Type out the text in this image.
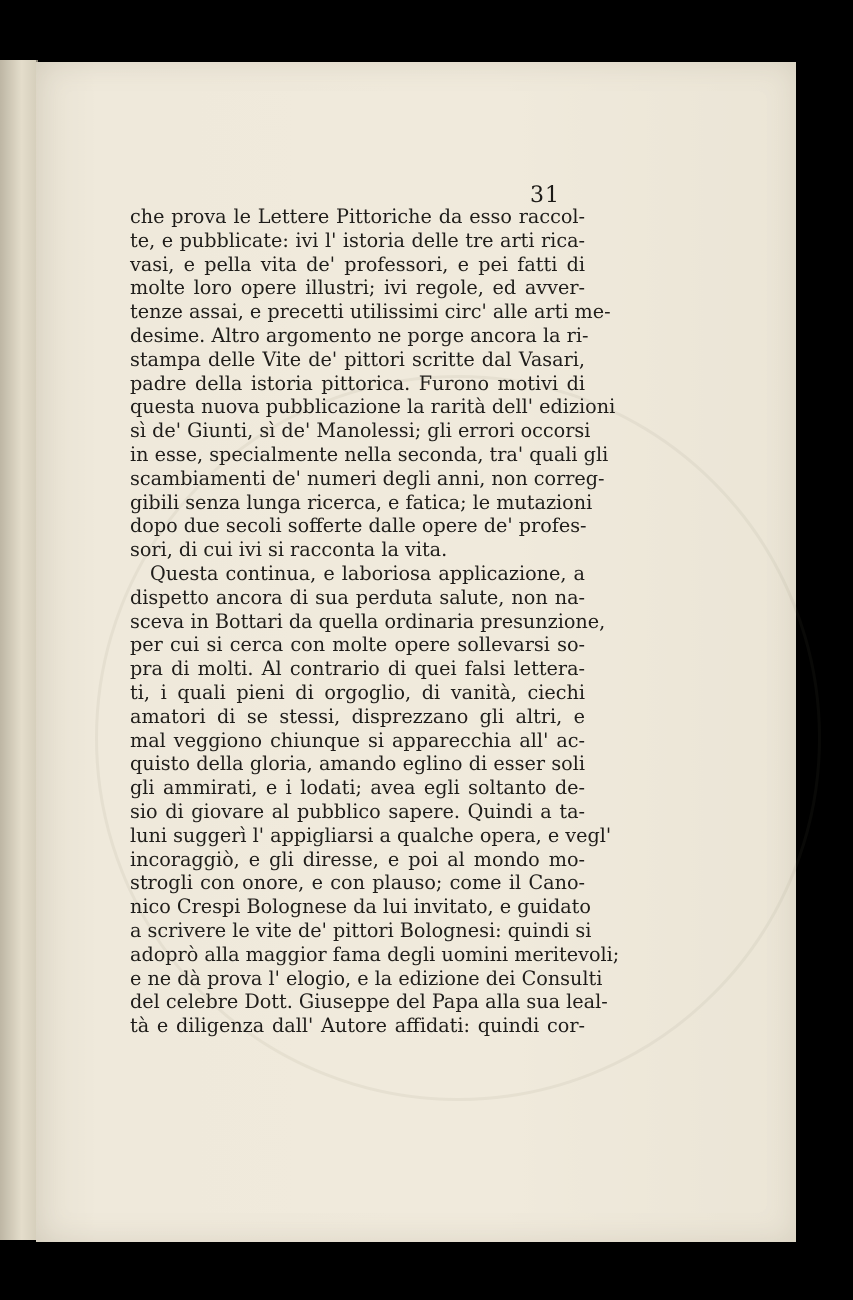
31
che prova le Lettere Pittoriche da esso raccol-
te, e pubblicate: ivi l' istoria delle tre arti rica-
vasi, e pella vita de' professori, e pei fatti di
molte loro opere illustri; ivi regole, ed avver-
tenze assai, e precetti utilissimi circ' alle arti me-
desime. Altro argomento ne porge ancora la ri-
stampa delle Vite de' pittori scritte dal Vasari,
padre della istoria pittorica. Furono motivi di
questa nuova pubblicazione la rarità dell' edizioni
sì de' Giunti, sì de' Manolessi; gli errori occorsi
in esse, specialmente nella seconda, tra' quali gli
scambiamenti de' numeri degli anni, non correg-
gibili senza lunga ricerca, e fatica; le mutazioni
dopo due secoli sofferte dalle opere de' profes-
sori, di cui ivi si racconta la vita.
Questa continua, e laboriosa applicazione, a
dispetto ancora di sua perduta salute, non na-
sceva in Bottari da quella ordinaria presunzione,
per cui si cerca con molte opere sollevarsi so-
pra di molti. Al contrario di quei falsi lettera-
ti, i quali pieni di orgoglio, di vanità, ciechi
amatori di se stessi, disprezzano gli altri, e
mal veggiono chiunque si apparecchia all' ac-
quisto della gloria, amando eglino di esser soli
gli ammirati, e i lodati; avea egli soltanto de-
sio di giovare al pubblico sapere. Quindi a ta-
luni suggerì l' appigliarsi a qualche opera, e vegl'
incoraggiò, e gli diresse, e poi al mondo mo-
strogli con onore, e con plauso; come il Cano-
nico Crespi Bolognese da lui invitato, e guidato
a scrivere le vite de' pittori Bolognesi: quindi si
adoprò alla maggior fama degli uomini meritevoli;
e ne dà prova l' elogio, e la edizione dei Consulti
del celebre Dott. Giuseppe del Papa alla sua leal-
tà e diligenza dall' Autore affidati: quindi cor-
